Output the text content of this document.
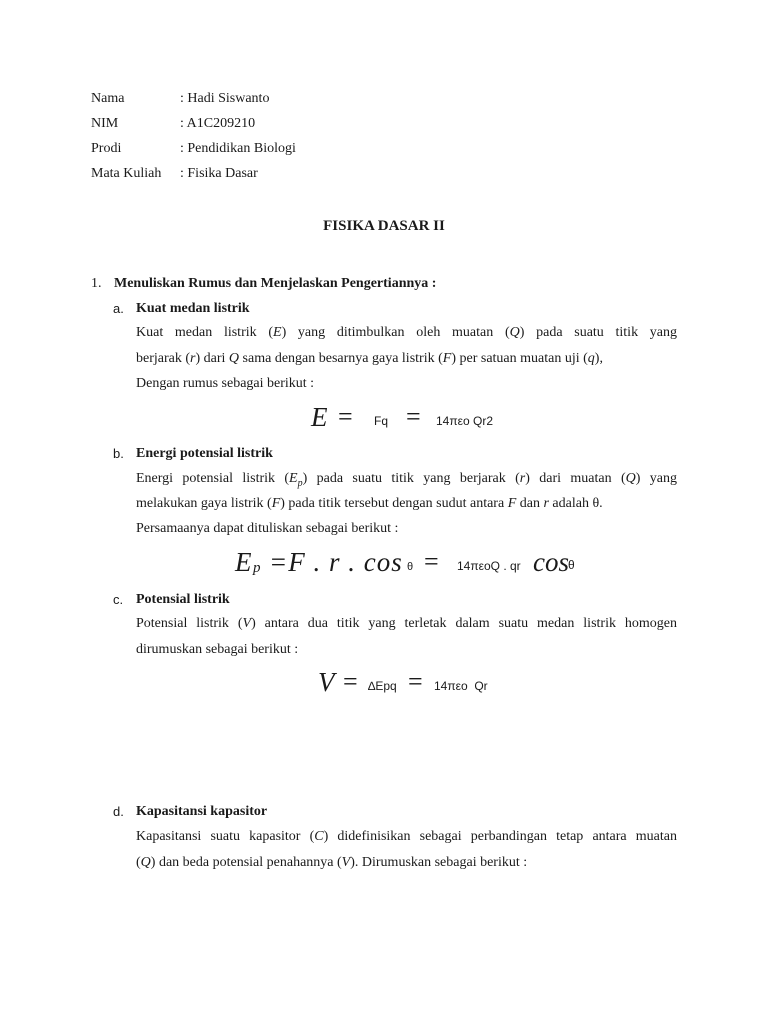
Nama	: Hadi Siswanto
NIM	: A1C209210
Prodi	: Pendidikan Biologi
Mata Kuliah : Fisika Dasar
FISIKA DASAR II
1. Menuliskan Rumus dan Menjelaskan Pengertiannya :
a. Kuat medan listrik
Kuat medan listrik (E) yang ditimbulkan oleh muatan (Q) pada suatu titik yang
berjarak (r) dari Q sama dengan besarnya gaya listrik (F) per satuan muatan uji (q),
Dengan rumus sebagai berikut :
E = Fq = 14πεo Qr2
b. Energi potensial listrik
Energi potensial listrik $(E_p)$ pada suatu titik yang berjarak (r) dari muatan (Q) yang
melakukan gaya listrik (F) pada titik tersebut dengan sudut antara F dan r adalah θ.
Persamaanya dapat dituliskan sebagai berikut :
E p =F . r . cos θ = 14πεoQ . qr cos θ
c. Potensial listrik
Potensial listrik (V) antara dua titik yang terletak dalam suatu medan listrik homogen
dirumuskan sebagai berikut :
V = ∆Epq = 14πεo  Qr
d. Kapasitansi kapasitor
Kapasitansi suatu kapasitor (C) didefinisikan sebagai perbandingan tetap antara muatan
(Q) dan beda potensial penahannya (V). Dirumuskan sebagai berikut :
